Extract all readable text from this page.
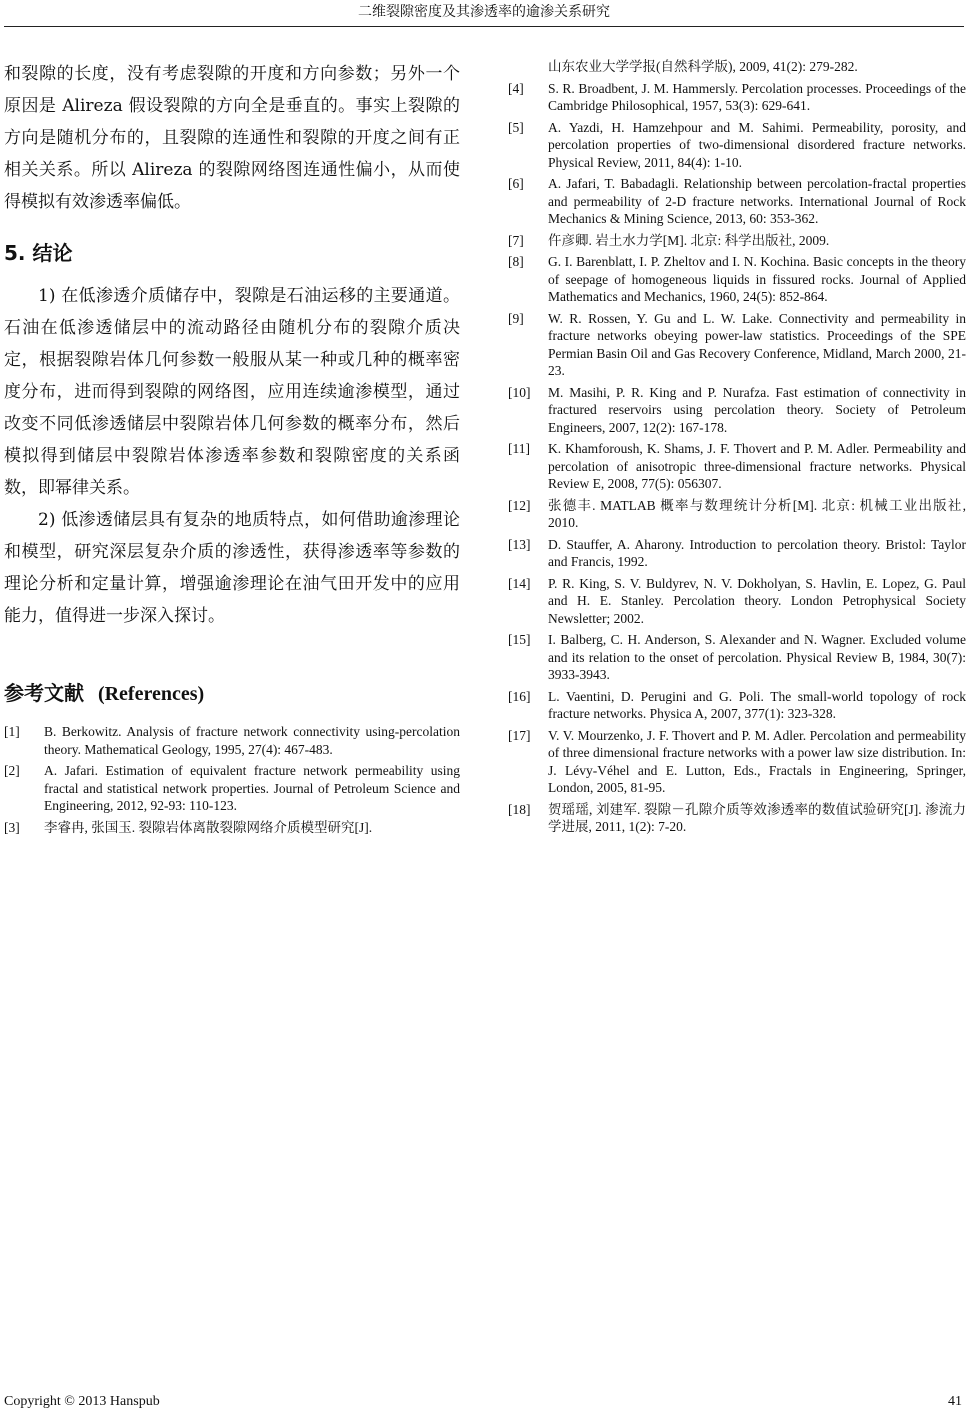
二维裂隙密度及其渗透率的逾渗关系研究

和裂隙的长度，没有考虑裂隙的开度和方向参数；另外一个原因是 Alireza 假设裂隙的方向全是垂直的。事实上裂隙的方向是随机分布的，且裂隙的连通性和裂隙的开度之间有正相关关系。所以 Alireza 的裂隙网络图连通性偏小，从而使得模拟有效渗透率偏低。

5. 结论

1) 在低渗透介质储存中，裂隙是石油运移的主要通道。石油在低渗透储层中的流动路径由随机分布的裂隙介质决定，根据裂隙岩体几何参数一般服从某一种或几种的概率密度分布，进而得到裂隙的网络图，应用连续逾渗模型，通过改变不同低渗透储层中裂隙岩体几何参数的概率分布，然后模拟得到储层中裂隙岩体渗透率参数和裂隙密度的关系函数，即幂律关系。

2) 低渗透储层具有复杂的地质特点，如何借助逾渗理论和模型，研究深层复杂介质的渗透性，获得渗透率等参数的理论分析和定量计算，增强逾渗理论在油气田开发中的应用能力，值得进一步深入探讨。

参考文献 (References)
[1]	B. Berkowitz. Analysis of fracture network connectivity using-percolation theory. Mathematical Geology, 1995, 27(4): 467-483.
[2]	A. Jafari. Estimation of equivalent fracture network permeability using fractal and statistical network properties. Journal of Petroleum Science and Engineering, 2012, 92-93: 110-123.
[3]	李睿冉, 张国玉. 裂隙岩体离散裂隙网络介质模型研究[J].
山东农业大学学报(自然科学版), 2009, 41(2): 279-282.
[4]	S. R. Broadbent, J. M. Hammersly. Percolation processes. Proceedings of the Cambridge Philosophical, 1957, 53(3): 629-641.
[5]	A. Yazdi, H. Hamzehpour and M. Sahimi. Permeability, porosity, and percolation properties of two-dimensional disordered fracture networks. Physical Review, 2011, 84(4): 1-10.
[6]	A. Jafari, T. Babadagli. Relationship between percolation-fractal properties and permeability of 2-D fracture networks. International Journal of Rock Mechanics & Mining Science, 2013, 60: 353-362.
[7]	仵彦卿. 岩土水力学[M]. 北京: 科学出版社, 2009.
[8]	G. I. Barenblatt, I. P. Zheltov and I. N. Kochina. Basic concepts in the theory of seepage of homogeneous liquids in fissured rocks. Journal of Applied Mathematics and Mechanics, 1960, 24(5): 852-864.
[9]	W. R. Rossen, Y. Gu and L. W. Lake. Connectivity and permeability in fracture networks obeying power-law statistics. Proceedings of the SPE Permian Basin Oil and Gas Recovery Conference, Midland, March 2000, 21-23.
[10]	M. Masihi, P. R. King and P. Nurafza. Fast estimation of connectivity in fractured reservoirs using percolation theory. Society of Petroleum Engineers, 2007, 12(2): 167-178.
[11]	K. Khamforoush, K. Shams, J. F. Thovert and P. M. Adler. Permeability and percolation of anisotropic three-dimensional fracture networks. Physical Review E, 2008, 77(5): 056307.
[12]	张德丰. MATLAB 概率与数理统计分析[M]. 北京: 机械工业出版社, 2010.
[13]	D. Stauffer, A. Aharony. Introduction to percolation theory. Bristol: Taylor and Francis, 1992.
[14]	P. R. King, S. V. Buldyrev, N. V. Dokholyan, S. Havlin, E. Lopez, G. Paul and H. E. Stanley. Percolation theory. London Petrophysical Society Newsletter; 2002.
[15]	I. Balberg, C. H. Anderson, S. Alexander and N. Wagner. Excluded volume and its relation to the onset of percolation. Physical Review B, 1984, 30(7): 3933-3943.
[16]	L. Vaentini, D. Perugini and G. Poli. The small-world topology of rock fracture networks. Physica A, 2007, 377(1): 323-328.
[17]	V. V. Mourzenko, J. F. Thovert and P. M. Adler. Percolation and permeability of three dimensional fracture networks with a power law size distribution. In: J. Lévy-Véhel and E. Lutton, Eds., Fractals in Engineering, Springer, London, 2005, 81-95.
[18]	贺瑶瑶, 刘建军. 裂隙－孔隙介质等效渗透率的数值试验研究[J]. 渗流力学进展, 2011, 1(2): 7-20.
Copyright © 2013 Hanspub	41
